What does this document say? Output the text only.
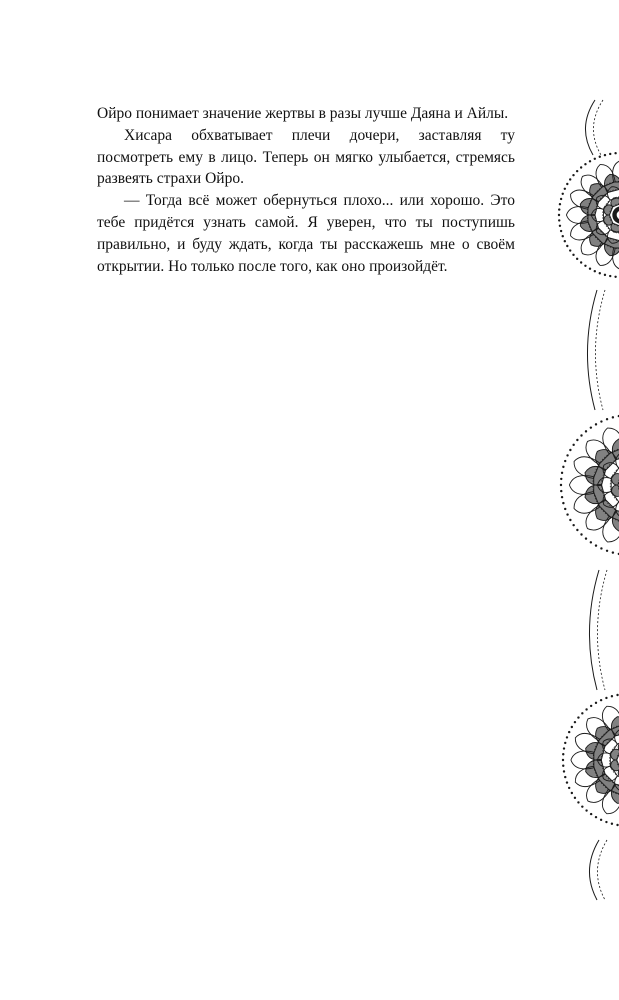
Ойро понимает значение жертвы в разы лучше Даяна и Айлы.

Хисара обхватывает плечи дочери, заставляя ту посмотреть ему в лицо. Теперь он мягко улыбается, стремясь развеять страхи Ойро.

— Тогда всё может обернуться плохо... или хорошо. Это тебе придётся узнать самой. Я уверен, что ты поступишь правильно, и буду ждать, когда ты расскажешь мне о своём открытии. Но только после того, как оно произойдёт.
